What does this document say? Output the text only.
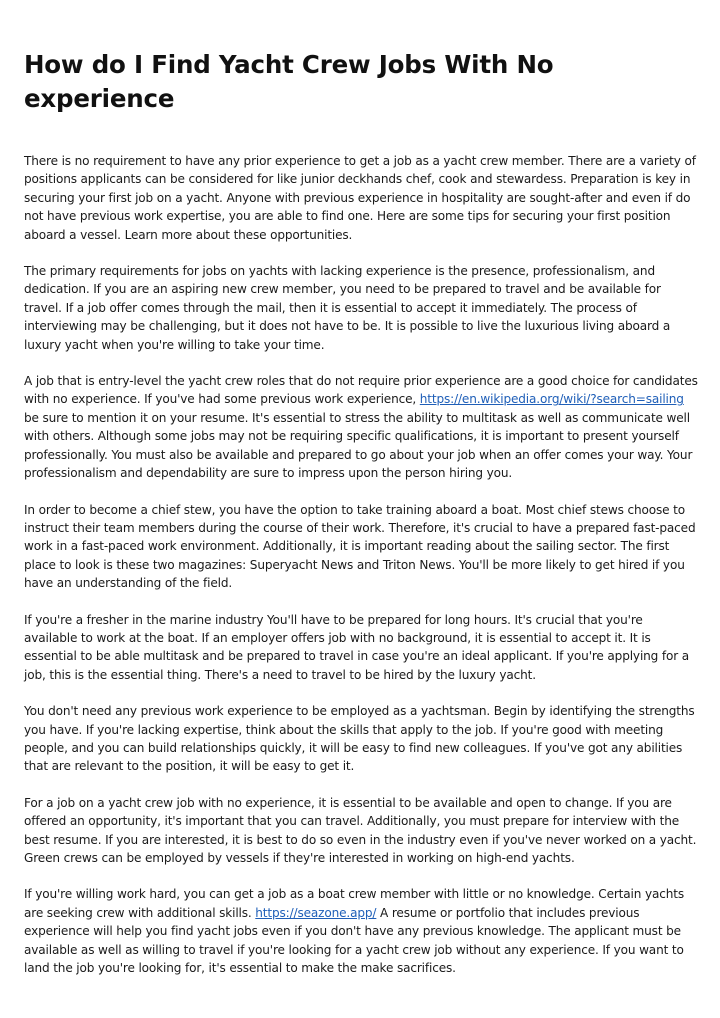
How do I Find Yacht Crew Jobs With No experience

There is no requirement to have any prior experience to get a job as a yacht crew member. There are a variety of positions applicants can be considered for like junior deckhands chef, cook and stewardess. Preparation is key in securing your first job on a yacht. Anyone with previous experience in hospitality are sought-after and even if do not have previous work expertise, you are able to find one. Here are some tips for securing your first position aboard a vessel. Learn more about these opportunities.

The primary requirements for jobs on yachts with lacking experience is the presence, professionalism, and dedication. If you are an aspiring new crew member, you need to be prepared to travel and be available for travel. If a job offer comes through the mail, then it is essential to accept it immediately. The process of interviewing may be challenging, but it does not have to be. It is possible to live the luxurious living aboard a luxury yacht when you're willing to take your time.

A job that is entry-level the yacht crew roles that do not require prior experience are a good choice for candidates with no experience. If you've had some previous work experience, https://en.wikipedia.org/wiki/?search=sailing be sure to mention it on your resume. It's essential to stress the ability to multitask as well as communicate well with others. Although some jobs may not be requiring specific qualifications, it is important to present yourself professionally. You must also be available and prepared to go about your job when an offer comes your way. Your professionalism and dependability are sure to impress upon the person hiring you.

In order to become a chief stew, you have the option to take training aboard a boat. Most chief stews choose to instruct their team members during the course of their work. Therefore, it's crucial to have a prepared fast-paced work in a fast-paced work environment. Additionally, it is important reading about the sailing sector. The first place to look is these two magazines: Superyacht News and Triton News. You'll be more likely to get hired if you have an understanding of the field.

If you're a fresher in the marine industry You'll have to be prepared for long hours. It's crucial that you're available to work at the boat. If an employer offers job with no background, it is essential to accept it. It is essential to be able multitask and be prepared to travel in case you're an ideal applicant. If you're applying for a job, this is the essential thing. There's a need to travel to be hired by the luxury yacht.

You don't need any previous work experience to be employed as a yachtsman. Begin by identifying the strengths you have. If you're lacking expertise, think about the skills that apply to the job. If you're good with meeting people, and you can build relationships quickly, it will be easy to find new colleagues. If you've got any abilities that are relevant to the position, it will be easy to get it.

For a job on a yacht crew job with no experience, it is essential to be available and open to change. If you are offered an opportunity, it's important that you can travel. Additionally, you must prepare for interview with the best resume. If you are interested, it is best to do so even in the industry even if you've never worked on a yacht. Green crews can be employed by vessels if they're interested in working on high-end yachts.

If you're willing work hard, you can get a job as a boat crew member with little or no knowledge. Certain yachts are seeking crew with additional skills. https://seazone.app/ A resume or portfolio that includes previous experience will help you find yacht jobs even if you don't have any previous knowledge. The applicant must be available as well as willing to travel if you're looking for a yacht crew job without any experience. If you want to land the job you're looking for, it's essential to make the make sacrifices.
